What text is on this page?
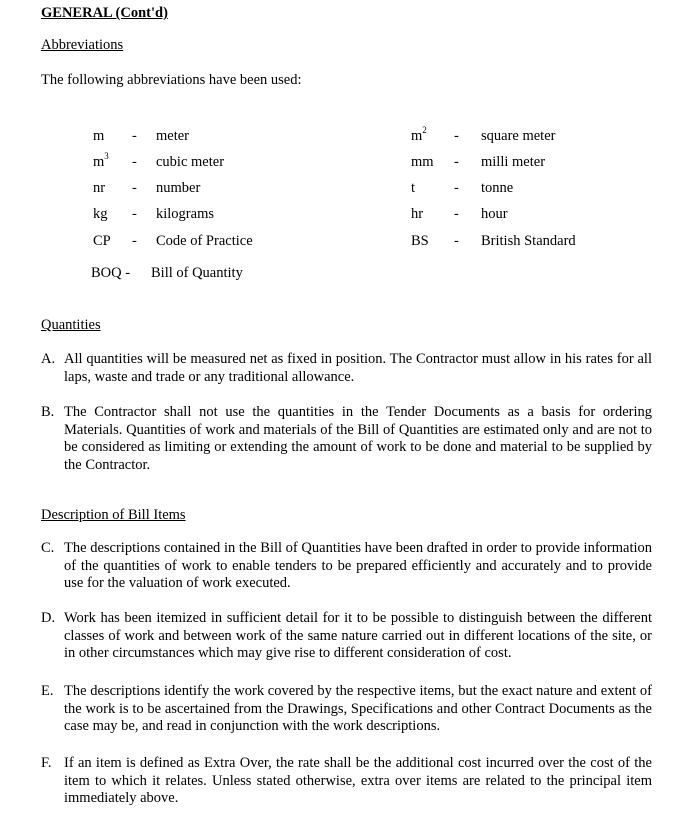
GENERAL (Cont'd)
Abbreviations
The following abbreviations have been used:
m - meter	$m^2$ - square meter
$m^3$ - cubic meter	mm - milli meter
nr - number	t	- tonne
kg - kilograms	hr - hour
CP - Code of Practice	BS - British Standard
BOQ - Bill of Quantity
Quantities
A. All quantities will be measured net as fixed in position. The Contractor must allow in his rates for all laps, waste and trade or any traditional allowance.
B. The Contractor shall not use the quantities in the Tender Documents as a basis for ordering Materials. Quantities of work and materials of the Bill of Quantities are estimated only and are not to be considered as limiting or extending the amount of work to be done and material to be supplied by the Contractor.
Description of Bill Items
C. The descriptions contained in the Bill of Quantities have been drafted in order to provide information of the quantities of work to enable tenders to be prepared efficiently and accurately and to provide use for the valuation of work executed.
D. Work has been itemized in sufficient detail for it to be possible to distinguish between the different classes of work and between work of the same nature carried out in different locations of the site, or in other circumstances which may give rise to different consideration of cost.
E. The descriptions identify the work covered by the respective items, but the exact nature and extent of the work is to be ascertained from the Drawings, Specifications and other Contract Documents as the case may be, and read in conjunction with the work descriptions.
F. If an item is defined as Extra Over, the rate shall be the additional cost incurred over the cost of the item to which it relates. Unless stated otherwise, extra over items are related to the principal item immediately above.
